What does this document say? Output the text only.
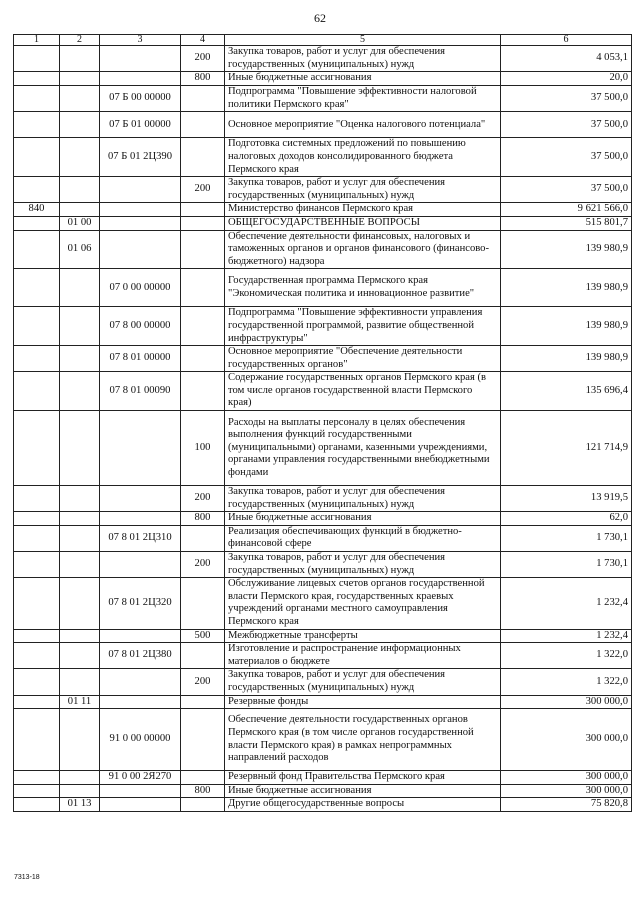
62
1	2	3	4	5	6
			200	Закупка товаров, работ и услуг для обеспечения государственных (муниципальных) нужд	4 053,1
			800	Иные бюджетные ассигнования	20,0
		07 Б 00 00000		Подпрограмма "Повышение эффективности налоговой политики Пермского края"	37 500,0
		07 Б 01 00000		Основное мероприятие "Оценка налогового потенциала"	37 500,0
		07 Б 01 2Ц390		Подготовка системных предложений по повышению налоговых доходов консолидированного бюджета Пермского края	37 500,0
			200	Закупка товаров, работ и услуг для обеспечения государственных (муниципальных) нужд	37 500,0
840				Министерство финансов Пермского края	9 621 566,0
	01 00			ОБЩЕГОСУДАРСТВЕННЫЕ ВОПРОСЫ	515 801,7
	01 06			Обеспечение деятельности финансовых, налоговых и таможенных органов и органов финансового (финансово-бюджетного) надзора	139 980,9
		07 0 00 00000		Государственная программа Пермского края "Экономическая политика и инновационное развитие"	139 980,9
		07 8 00 00000		Подпрограмма "Повышение эффективности управления государственной программой, развитие общественной инфраструктуры"	139 980,9
		07 8 01 00000		Основное мероприятие "Обеспечение деятельности государственных органов"	139 980,9
		07 8 01 00090		Содержание государственных органов Пермского края (в том числе органов государственной власти Пермского края)	135 696,4
			100	Расходы на выплаты персоналу в целях обеспечения выполнения функций государственными (муниципальными) органами, казенными учреждениями, органами управления государственными внебюджетными фондами	121 714,9
			200	Закупка товаров, работ и услуг для обеспечения государственных (муниципальных) нужд	13 919,5
			800	Иные бюджетные ассигнования	62,0
		07 8 01 2Ц310		Реализация обеспечивающих функций в бюджетно-финансовой сфере	1 730,1
			200	Закупка товаров, работ и услуг для обеспечения государственных (муниципальных) нужд	1 730,1
		07 8 01 2Ц320		Обслуживание лицевых счетов органов государственной власти Пермского края, государственных краевых учреждений органами местного самоуправления Пермского края	1 232,4
			500	Межбюджетные трансферты	1 232,4
		07 8 01 2Ц380		Изготовление и распространение информационных материалов о бюджете	1 322,0
			200	Закупка товаров, работ и услуг для обеспечения государственных (муниципальных) нужд	1 322,0
	01 11			Резервные фонды	300 000,0
		91 0 00 00000		Обеспечение деятельности государственных органов Пермского края (в том числе органов государственной власти Пермского края) в рамках непрограммных направлений расходов	300 000,0
		91 0 00 2Я270		Резервный фонд Правительства Пермского края	300 000,0
			800	Иные бюджетные ассигнования	300 000,0
	01 13			Другие общегосударственные вопросы	75 820,8
7313-18
